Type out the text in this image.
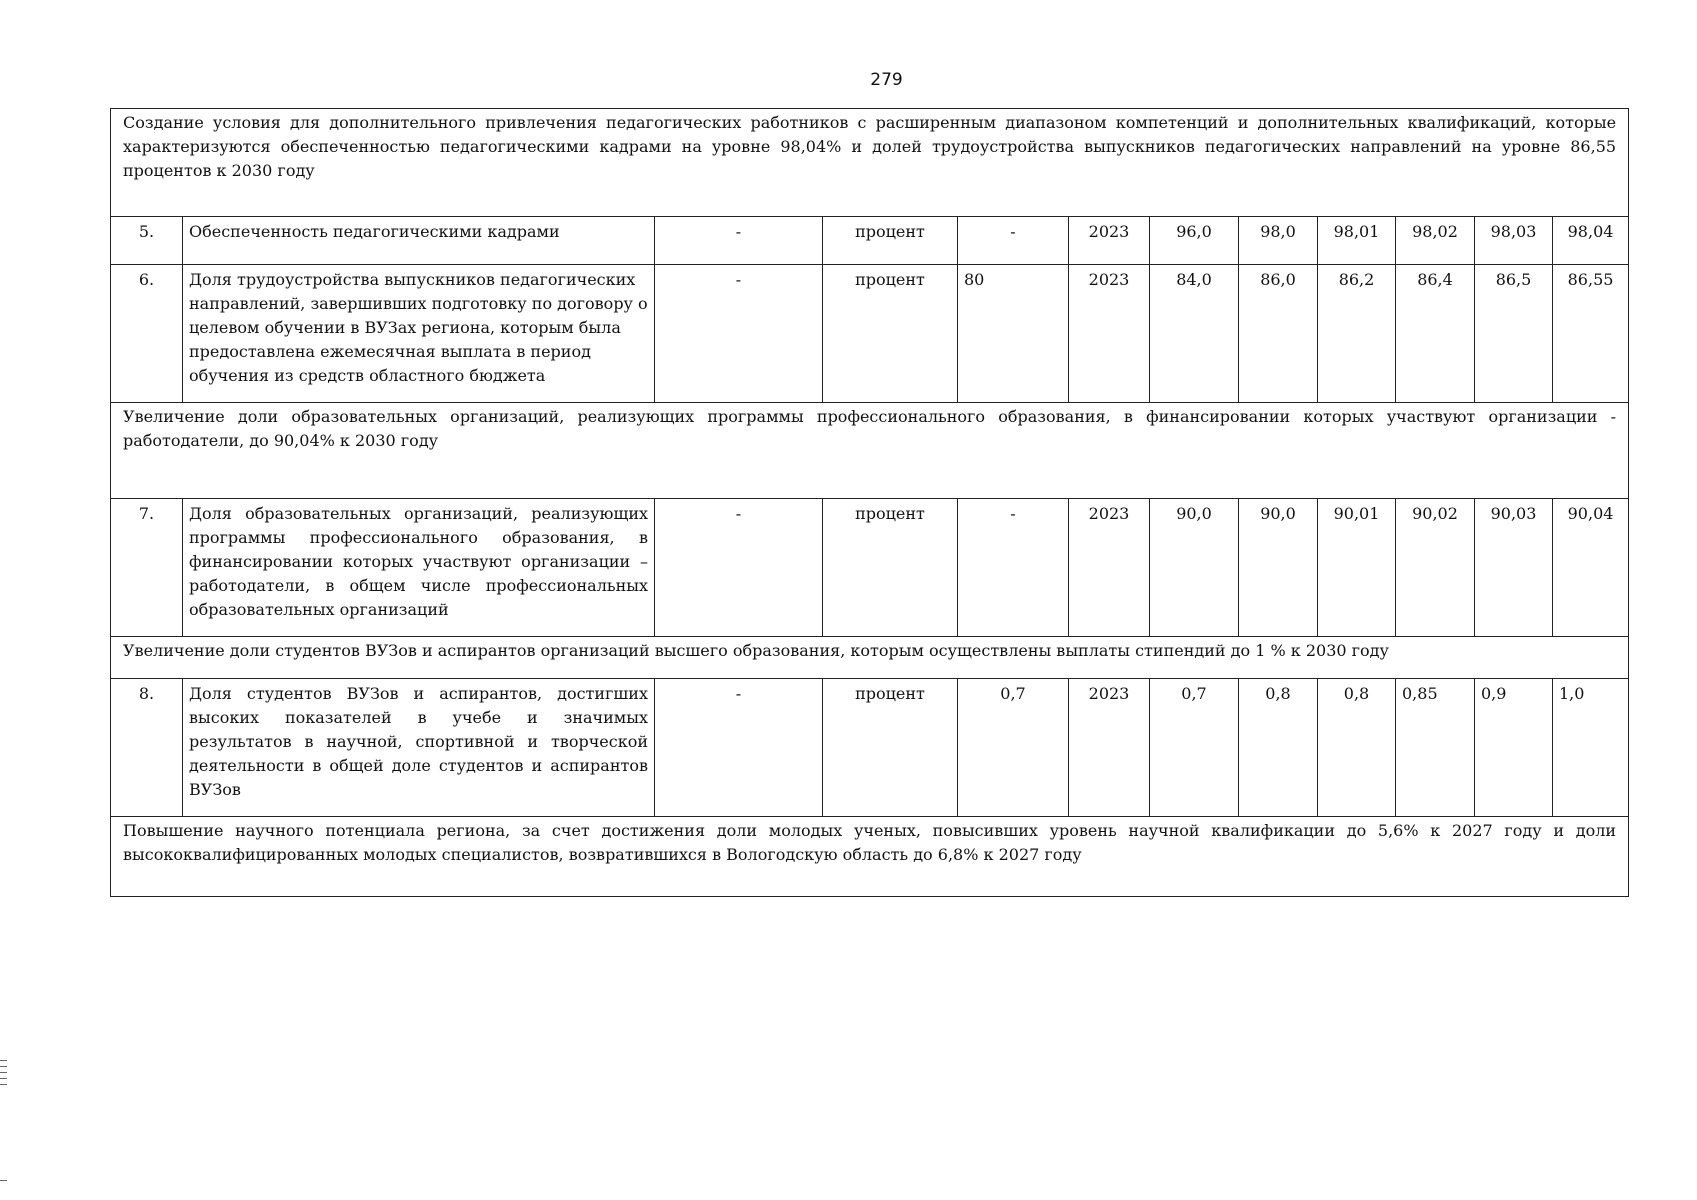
279
Создание условия для дополнительного привлечения педагогических работников с расширенным диапазоном компетенций и дополнительных квалификаций, которые характеризуются обеспеченностью педагогическими кадрами на уровне 98,04% и долей трудоустройства выпускников педагогических направлений на уровне 86,55 процентов к 2030 году											
5.	Обеспеченность педагогическими кадрами	-	процент	-	2023	96,0	98,0	98,01	98,02	98,03	98,04
6.	Доля трудоустройства выпускников педагогических направлений, завершивших подготовку по договору о целевом обучении в ВУЗах региона, которым была предоставлена ежемесячная выплата в период обучения из средств областного бюджета	-	процент	80	2023	84,0	86,0	86,2	86,4	86,5	86,55
Увеличение доли образовательных организаций, реализующих программы профессионального образования, в финансировании которых участвуют организации - работодатели, до 90,04% к 2030 году											
7.	Доля образовательных организаций, реализующих программы профессионального образования, в финансировании которых участвуют организации – работодатели, в общем числе профессиональных образовательных организаций	-	процент	-	2023	90,0	90,0	90,01	90,02	90,03	90,04
Увеличение доли студентов ВУЗов и аспирантов организаций высшего образования, которым осуществлены выплаты стипендий до 1 % к 2030 году											
8.	Доля студентов ВУЗов и аспирантов, достигших высоких показателей в учебе и значимых результатов в научной, спортивной и творческой деятельности в общей доле студентов и аспирантов ВУЗов	-	процент	0,7	2023	0,7	0,8	0,8	0,85	0,9	1,0
Повышение научного потенциала региона, за счет достижения доли молодых ученых, повысивших уровень научной квалификации до 5,6% к 2027 году и доли высококвалифицированных молодых специалистов, возвратившихся в Вологодскую область до 6,8% к 2027 году											
